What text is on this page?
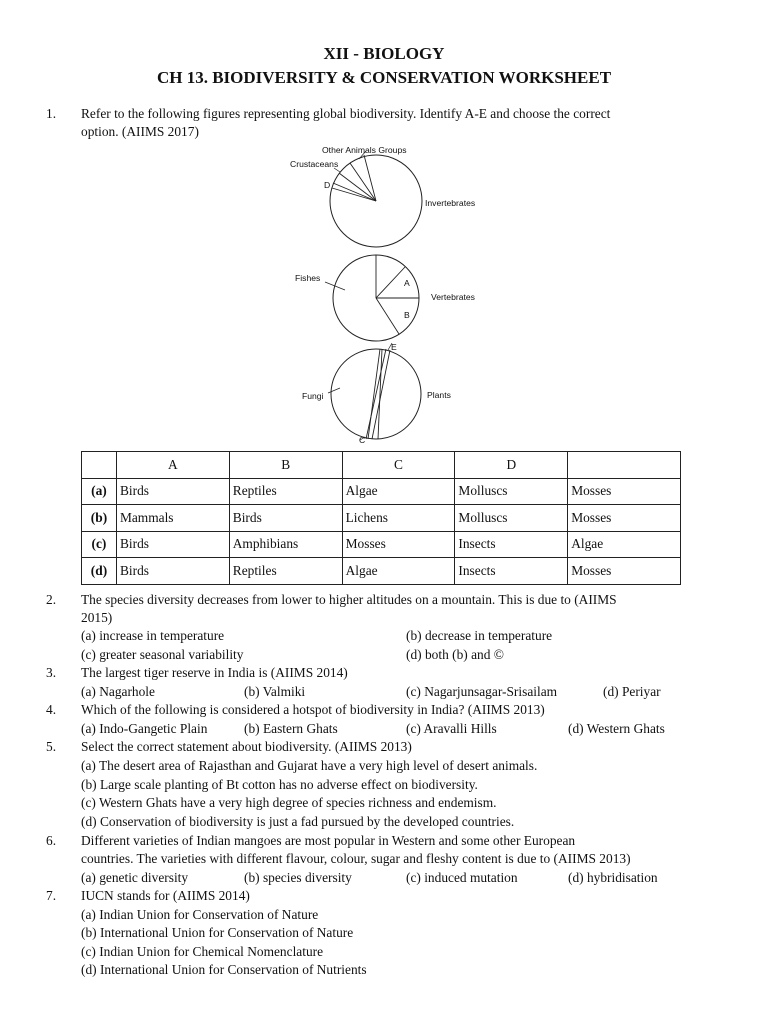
XII - BIOLOGY
CH 13. BIODIVERSITY & CONSERVATION WORKSHEET
1. Refer to the following figures representing global biodiversity. Identify A-E and choose the correct
option. (AIIMS 2017)
Other Animals Groups
Crustaceans
D
Invertebrates
Fishes	A
B
Vertebrates
E
Fungi	Plants
C
	A	B	C	D	
(a)	Birds	Reptiles	Algae	Molluscs	Mosses
(b)	Mammals	Birds	Lichens	Molluscs	Mosses
(c)	Birds	Amphibians	Mosses	Insects	Algae
(d)	Birds	Reptiles	Algae	Insects	Mosses
2. The species diversity decreases from lower to higher altitudes on a mountain. This is due to (AIIMS
2015)
(a) increase in temperature	(b) decrease in temperature
(c) greater seasonal variability	(d) both (b) and ©
3. The largest tiger reserve in India is (AIIMS 2014)
(a) Nagarhole	(b) Valmiki	(c) Nagarjunsagar-Srisailam	(d) Periyar
4. Which of the following is considered a hotspot of biodiversity in India? (AIIMS 2013)
(a) Indo-Gangetic Plain	(b) Eastern Ghats	(c) Aravalli Hills	(d) Western Ghats
5. Select the correct statement about biodiversity. (AIIMS 2013)
(a) The desert area of Rajasthan and Gujarat have a very high level of desert animals.
(b) Large scale planting of Bt cotton has no adverse effect on biodiversity.
(c) Western Ghats have a very high degree of species richness and endemism.
(d) Conservation of biodiversity is just a fad pursued by the developed countries.
6. Different varieties of Indian mangoes are most popular in Western and some other European
countries. The varieties with different flavour, colour, sugar and fleshy content is due to (AIIMS 2013)
(a) genetic diversity	(b) species diversity	(c) induced mutation	(d) hybridisation
7. IUCN stands for (AIIMS 2014)
(a) Indian Union for Conservation of Nature
(b) International Union for Conservation of Nature
(c) Indian Union for Chemical Nomenclature
(d) International Union for Conservation of Nutrients
